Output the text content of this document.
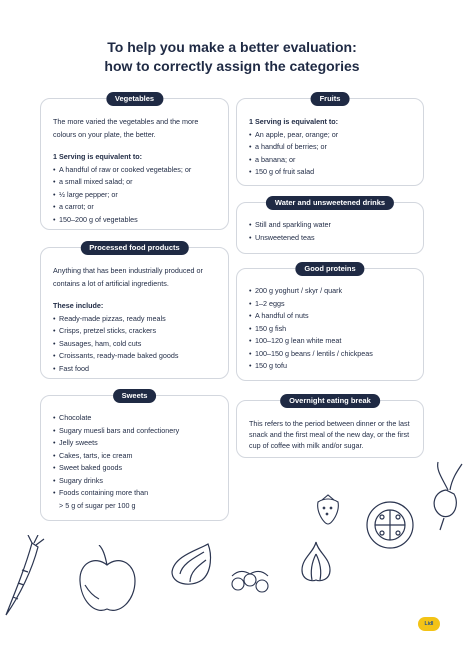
To help you make a better evaluation:
how to correctly assign the categories
Vegetables

The more varied the vegetables and the more colours on your plate, the better.

1 Serving is equivalent to:

• A handful of raw or cooked vegetables; or
• a small mixed salad; or
• ½ large pepper; or
• a carrot; or
• 150–200 g of vegetables
Fruits

1 Serving is equivalent to:

• An apple, pear, orange; or
• a handful of berries; or
• a banana; or
• 150 g of fruit salad
Water and unsweetened drinks
• Still and sparkling water
• Unsweetened teas
Processed food products

Anything that has been industrially produced or contains a lot of artificial ingredients.

These include:

• Ready-made pizzas, ready meals
• Crisps, pretzel sticks, crackers
• Sausages, ham, cold cuts
• Croissants, ready-made baked goods
• Fast food
Good proteins
• 200 g yoghurt / skyr / quark
• 1–2 eggs
• A handful of nuts
• 150 g fish
• 100–120 g lean white meat
• 100–150 g beans / lentils / chickpeas
• 150 g tofu
Sweets
• Chocolate
• Sugary muesli bars and confectionery
• Jelly sweets
• Cakes, tarts, ice cream
• Sweet baked goods
• Sugary drinks
• Foods containing more than
> 5 g of sugar per 100 g
Overnight eating break

This refers to the period between dinner or the last snack and the first meal of the new day, or the first cup of coffee with milk and/or sugar.

Lidl
